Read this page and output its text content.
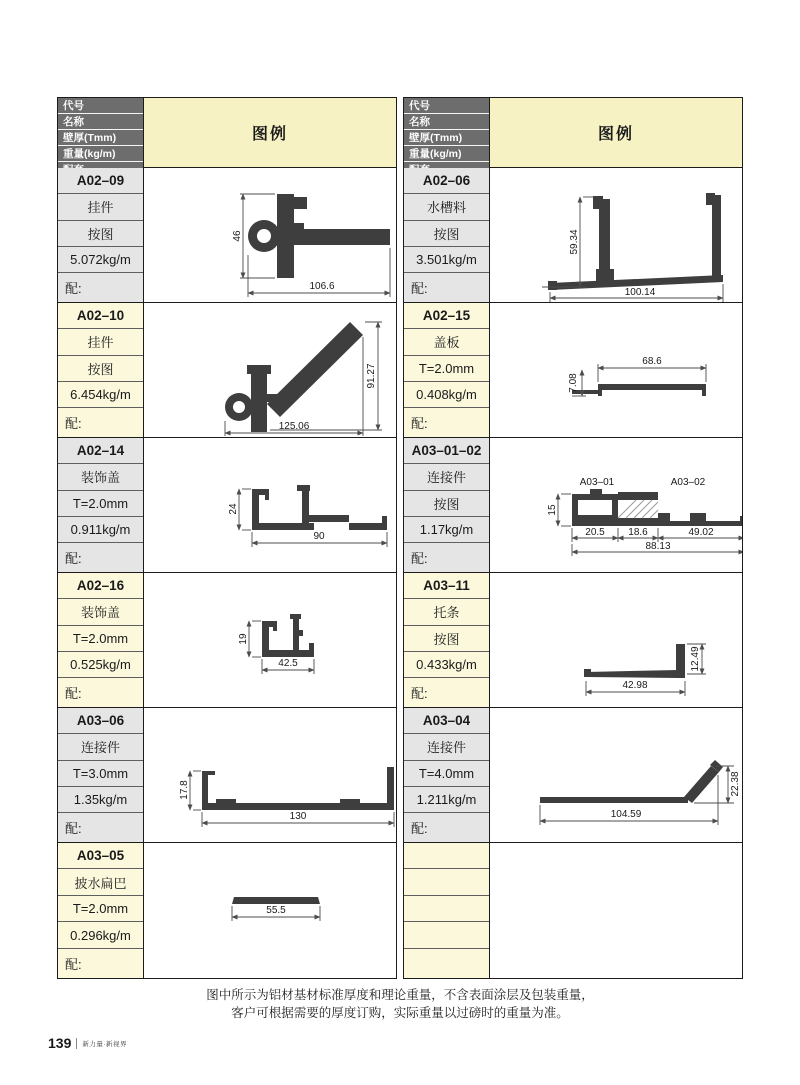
代号
名称
壁厚(Tmm)
重量(kg/m)
图例
A02–09
挂件
按图
5.072kg/m
配:
46
106.6
A02–10
挂件
按图
6.454kg/m
配:
91.27
125.06
A02–14
装饰盖
T=2.0mm
0.911kg/m
配:
24
90
A02–16
装饰盖
T=2.0mm
0.525kg/m
配:
19
42.5
A03–06
连接件
T=3.0mm
1.35kg/m
配:
17.8
130
A03–05
披水扁巴
T=2.0mm
0.296kg/m
配:
55.5
代号
名称
壁厚(Tmm)
重量(kg/m)
图例
A02–06
水槽料
按图
3.501kg/m
配:
59.34
100.14
A02–15
盖板
T=2.0mm
0.408kg/m
配:
68.6
7.08
A03–01–02
连接件
按图
1.17kg/m
配:
A03–01	A03–02
15
20.5 18.6	49.02
88.13
A03–11
托条
按图
0.433kg/m
配:
12.49
42.98
A03–04
连接件
T=4.0mm
1.211kg/m
配:
22.38
104.59
图中所示为铝材基材标准厚度和理论重量，不含表面涂层及包装重量，
客户可根据需要的厚度订购，实际重量以过磅时的重量为准。
139 新力量·新视界
